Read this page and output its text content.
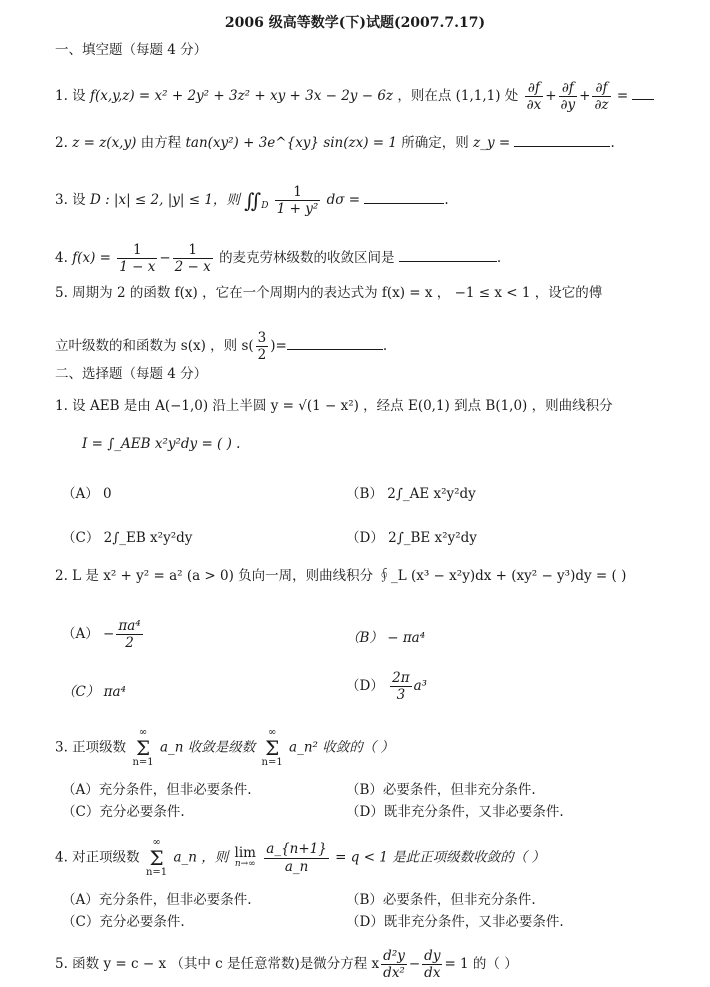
2006 级高等数学(下)试题(2007.7.17)
一、填空题（每题 4 分）
1. 设 f(x,y,z) = x² + 2y² + 3z² + xy + 3x − 2y − 6z ，则在点 (1,1,1) 处 $\frac{\partial f}{\partial x} + \frac{\partial f}{\partial y} + \frac{\partial f}{\partial z}$ =
2. z = z(x,y) 由方程 tan(xy²) + 3e^{xy} sin(zx) = 1 所确定，则 z_y =	.
3. 设 D : |x| ≤ 2, |y| ≤ 1，则 $∬_D \frac{1}{\text{1 + y²}}$ dσ =	.
4. $f(x) = \frac{1}{1 - x} - \frac{1}{2 - x}$ 的麦克劳林级数的收敛区间是	.
5. 周期为 2 的函数 f(x) ，它在一个周期内的表达式为 f(x) = x ， −1 ≤ x < 1 ，设它的傅
立叶级数的和函数为 s(x) ，则 $s( \frac{3}{2}$ )=	.
二、选择题（每题 4 分）
1. 设 AEB 是由 A(−1,0) 沿上半圆 y = √(1 − x²) ，经点 E(0,1) 到点 B(1,0) ，则曲线积分
I = ∫_AEB x²y²dy = ( ) .
（A） 0	（B） 2∫_AE x²y²dy
（C） 2∫_EB x²y²dy	（D） 2∫_BE x²y²dy
2. L 是 x² + y² = a² (a > 0) 负向一周，则曲线积分 ∮_L (x³ − x²y)dx + (xy² − y³)dy = ( )
$(A) - \frac{\text{πa⁴}}{2}$	（B） − πa⁴
（C） πa⁴	$(D) \frac{2\pi}{3} a^3$
3. 正项级数 ∞
Σ
n=1 a_n 收敛是级数 ∞
Σ
n=1 a_n² 收敛的（ ）
（A）充分条件，但非必要条件.	（B）必要条件，但非充分条件.
（C）充分必要条件.	（D）既非充分条件，又非必要条件.
4. 对正项级数 ∞
Σ
n=1 a_n ，则 lim
n→∞
$\frac{a\_\{n+1\}}{a\_n} = q < 1$ 是此正项级数收敛的（ ）
（A）充分条件，但非必要条件.	（B）必要条件，但非充分条件.
（C）充分必要条件.	（D）既非充分条件，又非必要条件.
5. 函数 y = c − x （其中 c 是任意常数)是微分方程 x $\frac{\text{d²y}}{\text{dx²}} - \frac{dy}{dx} = 1$ 的（ ）
